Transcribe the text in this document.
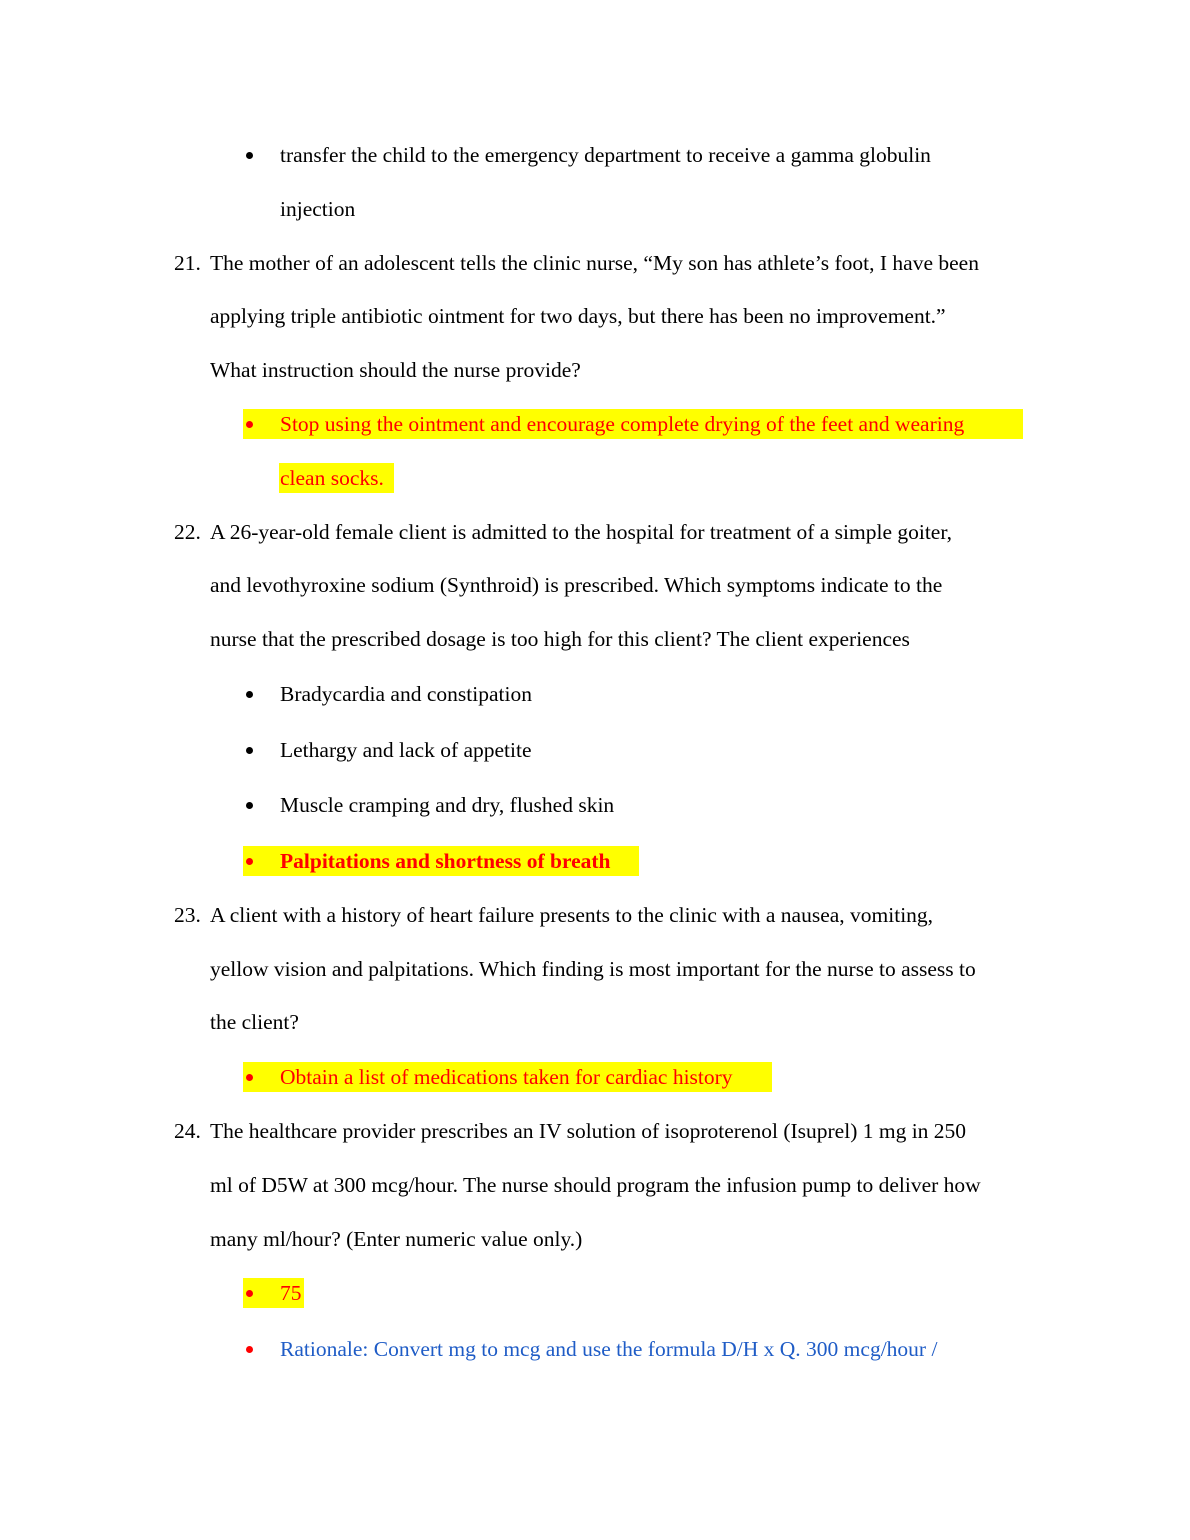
transfer the child to the emergency department to receive a gamma globulin
injection
21. The mother of an adolescent tells the clinic nurse, “My son has athlete’s foot, I have been
applying triple antibiotic ointment for two days, but there has been no improvement.”
What instruction should the nurse provide?
Stop using the ointment and encourage complete drying of the feet and wearing
clean socks.
22. A 26-year-old female client is admitted to the hospital for treatment of a simple goiter,
and levothyroxine sodium (Synthroid) is prescribed. Which symptoms indicate to the
nurse that the prescribed dosage is too high for this client? The client experiences
Bradycardia and constipation
Lethargy and lack of appetite
Muscle cramping and dry, flushed skin
Palpitations and shortness of breath
23. A client with a history of heart failure presents to the clinic with a nausea, vomiting,
yellow vision and palpitations. Which finding is most important for the nurse to assess to
the client?
Obtain a list of medications taken for cardiac history
24. The healthcare provider prescribes an IV solution of isoproterenol (Isuprel) 1 mg in 250
ml of D5W at 300 mcg/hour. The nurse should program the infusion pump to deliver how
many ml/hour? (Enter numeric value only.)
75
Rationale: Convert mg to mcg and use the formula D/H x Q. 300 mcg/hour /
